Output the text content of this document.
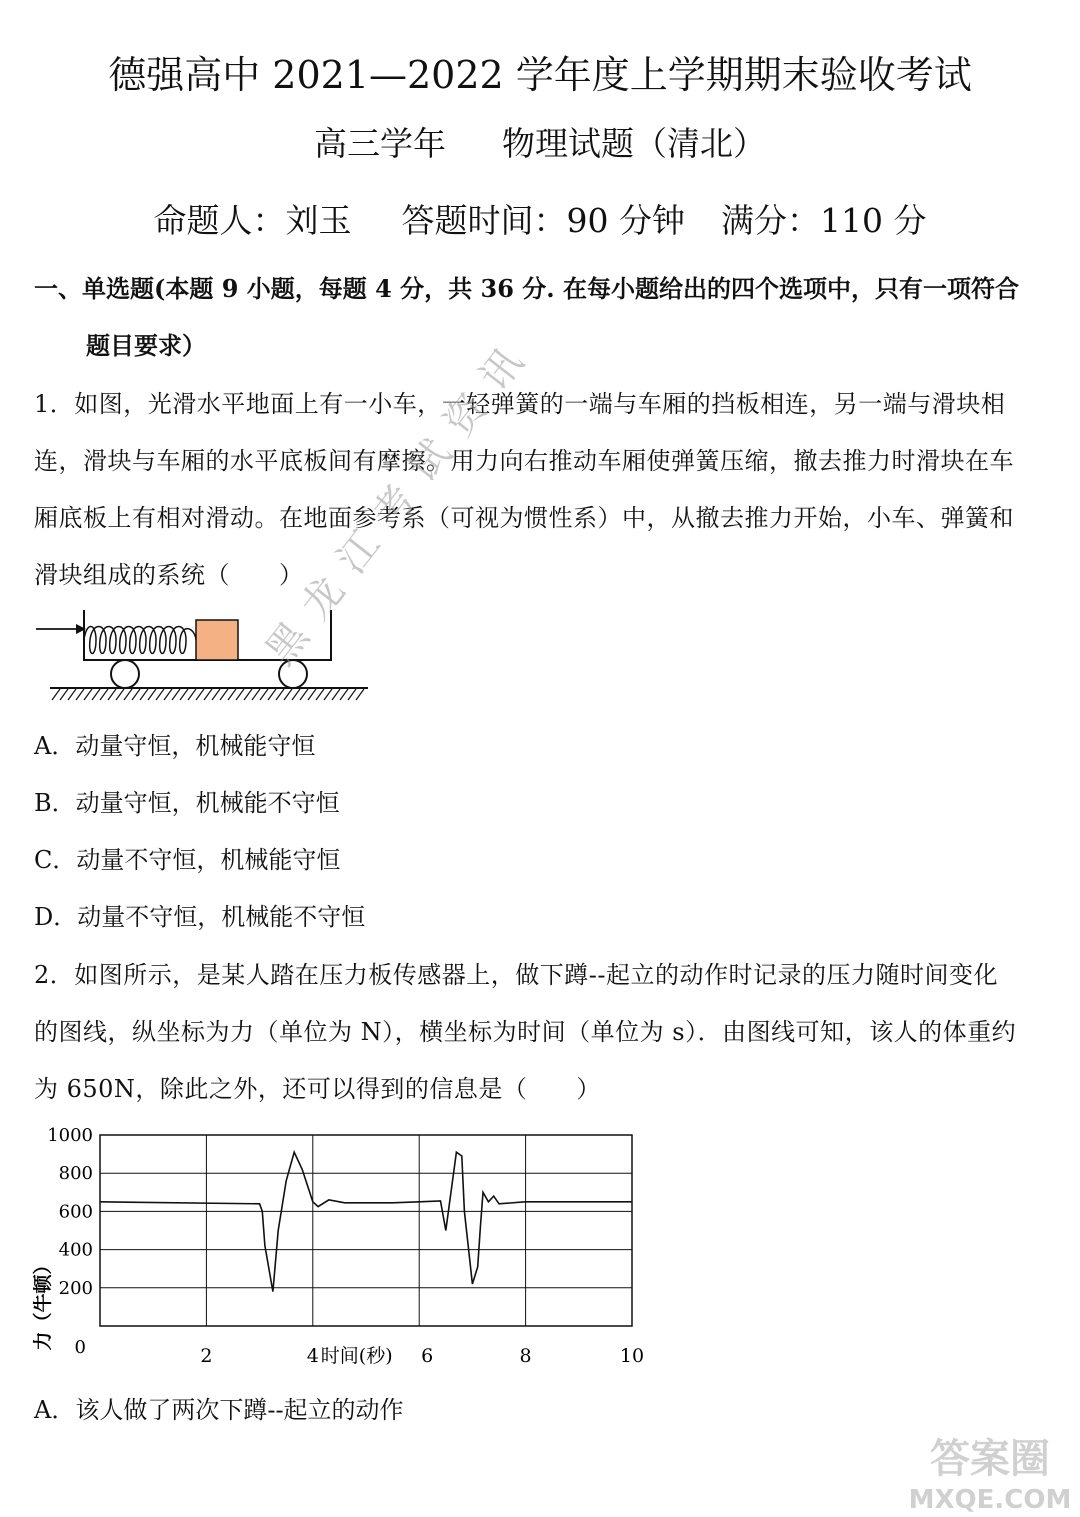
德强高中 2021—2022 学年度上学期期末验收考试
高三学年 物理试题（清北）
命题人：刘玉 答题时间：90 分钟 满分：110 分
一、单选题(本题 9 小题，每题 4 分，共 36 分. 在每小题给出的四个选项中，只有一项符合
题目要求）
1．如图，光滑水平地面上有一小车，一轻弹簧的一端与车厢的挡板相连，另一端与滑块相
连，滑块与车厢的水平底板间有摩擦。用力向右推动车厢使弹簧压缩，撤去推力时滑块在车
厢底板上有相对滑动。在地面参考系（可视为惯性系）中，从撤去推力开始，小车、弹簧和
滑块组成的系统（　　）
A．动量守恒，机械能守恒
B．动量守恒，机械能不守恒
C．动量不守恒，机械能守恒
D．动量不守恒，机械能不守恒
2．如图所示，是某人踏在压力板传感器上，做下蹲--起立的动作时记录的压力随时间变化
的图线，纵坐标为力（单位为 N），横坐标为时间（单位为 s）．由图线可知，该人的体重约
为 650N，除此之外，还可以得到的信息是（　　）
1000
800
600
400
200
0	2	4 时间(秒) 6	8	10
力（牛顿）
A．该人做了两次下蹲--起立的动作
黑龙江考试资讯
答案圈
MXQE.COM
